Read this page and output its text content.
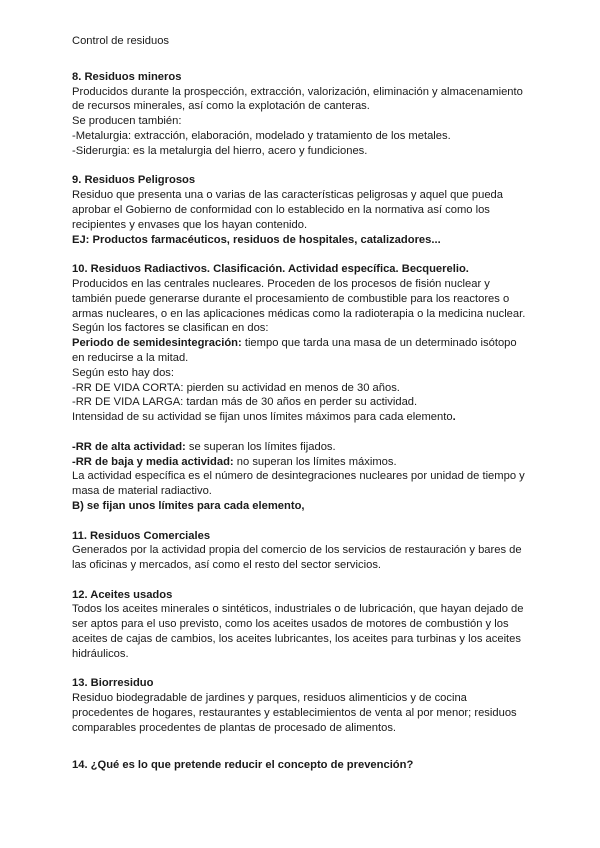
Control de residuos
8. Residuos mineros
Producidos durante la prospección, extracción, valorización, eliminación y almacenamiento
de recursos minerales, así como la explotación de canteras.
Se producen también:
-Metalurgia: extracción, elaboración, modelado y tratamiento de los metales.
-Siderurgia: es la metalurgia del hierro, acero y fundiciones.
9. Residuos Peligrosos
Residuo que presenta una o varias de las características peligrosas y aquel que pueda
aprobar el Gobierno de conformidad con lo establecido en la normativa así como los
recipientes y envases que los hayan contenido.
EJ: Productos farmacéuticos, residuos de hospitales, catalizadores...
10. Residuos Radiactivos. Clasificación. Actividad específica. Becquerelio.
Producidos en las centrales nucleares. Proceden de los procesos de fisión nuclear y
también puede generarse durante el procesamiento de combustible para los reactores o
armas nucleares, o en las aplicaciones médicas como la radioterapia o la medicina nuclear.
Según los factores se clasifican en dos:
Periodo de semidesintegración: tiempo que tarda una masa de un determinado isótopo
en reducirse a la mitad.
Según esto hay dos:
-RR DE VIDA CORTA: pierden su actividad en menos de 30 años.
-RR DE VIDA LARGA: tardan más de 30 años en perder su actividad.
Intensidad de su actividad se fijan unos límites máximos para cada elemento.
-RR de alta actividad: se superan los límites fijados.
-RR de baja y media actividad: no superan los límites máximos.
La actividad específica es el número de desintegraciones nucleares por unidad de tiempo y
masa de material radiactivo.
B) se fijan unos límites para cada elemento,
11. Residuos Comerciales
Generados por la actividad propia del comercio de los servicios de restauración y bares de
las oficinas y mercados, así como el resto del sector servicios.
12. Aceites usados
Todos los aceites minerales o sintéticos, industriales o de lubricación, que hayan dejado de
ser aptos para el uso previsto, como los aceites usados de motores de combustión y los
aceites de cajas de cambios, los aceites lubricantes, los aceites para turbinas y los aceites
hidráulicos.
13. Biorresiduo
Residuo biodegradable de jardines y parques, residuos alimenticios y de cocina
procedentes de hogares, restaurantes y establecimientos de venta al por menor; residuos
comparables procedentes de plantas de procesado de alimentos.
14. ¿Qué es lo que pretende reducir el concepto de prevención?
